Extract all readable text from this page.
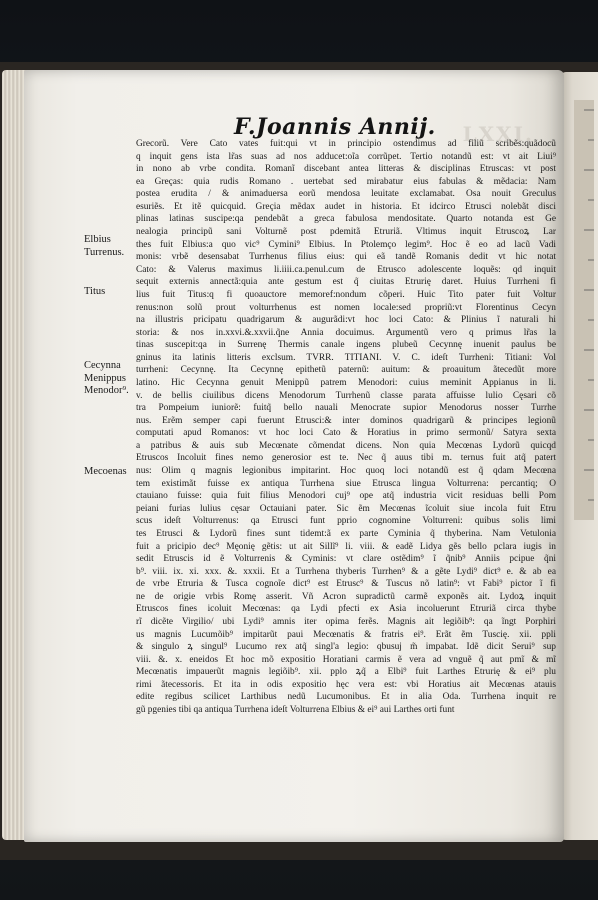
LXXI.
F.Joannis Annij.
Elbius
Turrenus.
Titus
Cecynna
Menippus
Menodor⁹.
Mecoenas
Grecorũ. Vere Cato vates fuit:qui vt in principio ostendimus ad filiũ scribẽs:quãdocũ
q inquit gens ista lr̃as suas ad nos adducet:oĩa corrũpet. Tertio notandũ est: vt ait Liui⁹
in nono ab vrbe condita. Romanĩ discebant antea litteras & disciplinas Etruscas: vt post
ea Greças: quia rudis Romano . uertebat sed mirabatur eius fabulas & mẽdacia: Nam
postea erudita / & animaduersa eorũ mendosa leuitate exclamabat. Osa nouit Greculus
esuriẽs. Et itẽ quicquid. Greçia mẽdax audet in historia. Et idcirco Etrusci nolebãt disci
plinas latinas suscipe:qa pendebãt a greca fabulosa mendositate. Quarto notanda est Ge
nealogia principũ sani Volturnẽ post pdemitã Etruriã. Vltimus inquit Etruscoꝝ Lar
thes fuit Elbius:a quo vic⁹ Cymini⁹ Elbius. In Ptolemço legim⁹. Hoc ẽ eo ad lacũ Vadi
monis: vrbẽ desensabat Turrhenus filius eius: qui eã tandẽ Romanis dedit vt hic notat
Cato: & Valerus maximus li.iiii.ca.penul.cum de Etrusco adolescente loquẽs: qd inquit
sequit externis annectã:quia ante gestum est q̃ ciuitas Etrurię daret. Huius Turrheni fi
lius fuit Titus:q fi quoauctore memoref:nondum cõperi. Huic Tito pater fuit Voltur
renus:non solũ prout volturrhenus est nomen locale:sed propriũ:vt Florentinus Cecyn
na illustris pricipatu quadrigarum & augurãdi:vt hoc loci Cato: & Plinius ĩ naturali hi
storia: & nos in.xxvi.&.xxvii.q̃ne Annia docuimus. Argumentũ vero q primus lr̃as la
tinas suscepit:qa in Surrenę Thermis canale ingens plubeũ Cecynnę inuenit paulus be
gninus ita latinis litteris exclsum. TVRR. TITIANI. V. C. ideſt Turrheni: Titiani: Vol
turrheni: Cecynnę. Ita Cecynnę epithetũ paternũ: auitum: & proauitum ãtecedũt more
latino. Hic Cecynna genuit Menippũ patrem Menodori: cuius meminit Appianus in li.
v. de bellis ciuilibus dicens Menodorum Turrhenũ classe parata affuisse lulio Cęsari cõ
tra Pompeium iuniorẽ: fuitq̃ bello nauali Menocrate supior Menodorus nosser Turrhe
nus. Erẽm semper capi fuerunt Etrusci:& inter dominos quadrigarũ & principes legionũ
computati apud Romanos: vt hoc loci Cato & Horatius in primo sermonũ/ Satyra sexta
a patribus & auis sub Mecœnate cõmendat dicens. Non quia Mecœnas Lydorũ quicqd
Etruscos Incoluit fines nemo generosior est te. Nec q̃ auus tibi m. ternus fuit atq̃ patert
nus: Olim q magnis legionibus impitarint. Hoc quoq loci notandũ est q̃ qdam Mecœna
tem existimãt fuisse ex antiqua Turrhena siue Etrusca lingua Volturrena: percantiq; O
ctauiano fuisse: quia fuit filius Menodori cuj⁹ ope atq̃ industria vicit residuas belli Pom
peiani furias lulius cęsar Octauiani pater. Sic ẽm Mecœnas ĩcoluit siue incola fuit Etru
scus ideſt Volturrenus: qa Etrusci funt pprio cognomine Volturreni: quibus solis limi
tes Etrusci & Lydorũ fines sunt tidemt:ã ex parte Cyminia q̃ thyberina. Nam Vetulonia
fuit a pricipio dec⁹ Męonię gẽtis: ut ait Sillĩ⁹ li. viii. & eadẽ Lidya gẽs bello pclara iugis in
sedit Etruscis id ẽ Volturrenis & Cyminis: vt clare ostẽdim⁹ ĩ q̃nib⁹ Anniis pcipue q̃ni
b⁹. viii. ix. xi. xxx. &. xxxii. Et a Turrhena thyberis Turrhen⁹ & a gẽte Lydi⁹ dict⁹ e. & ab ea
de vrbe Etruria & Tusca cognoĩe dict⁹ est Etrusc⁹ & Tuscus nõ latin⁹: vt Fabi⁹ pictor ĩ fi
ne de origie vrbis Romę asserit. Vñ Acron supradictũ carmẽ exponẽs ait. Lydoꝝ inquit
Etruscos fines icoluit Mecœnas: qa Lydi pfecti ex Asia incoluerunt Etruriã circa thybe
rĩ dicẽte Virgilio/ ubi Lydi⁹ amnis iter opima ferẽs. Magnis ait legiõib⁹: qa ĩngt Porphiri
us magnis Lucumõib⁹ impitarũt paui Mecœnatis & fratris ei⁹. Erãt ẽm Tuscię. xii. ppli
& singulo ꝝ singul⁹ Lucumo rex atq̃ singl'a legio: qbusuj m̃ impabat. Idẽ dicit Serui⁹ sup
viii. &. x. eneidos Et hoc mõ expositio Horatiani carmis ẽ vera ad vnguẽ q̃ aut pmĩ & mĩ
Mecœnatis impauerũt magnis legiõib⁹. xii. pplo ꝝq̃ a Elbi⁹ fuit Larthes Etrurię & ei⁹ plu
rimi ãtecessoris. Et ita in odis expositio hęc vera est: vbi Horatius ait Mecœnas atauis
edite regibus scilicet Larthibus nedũ Lucumonibus. Et in alia Oda. Turrhena inquit re
gũ pgenies tibi qa antiqua Turrhena ideſt Volturrena Elbius & ei⁹ aui Larthes orti funt
